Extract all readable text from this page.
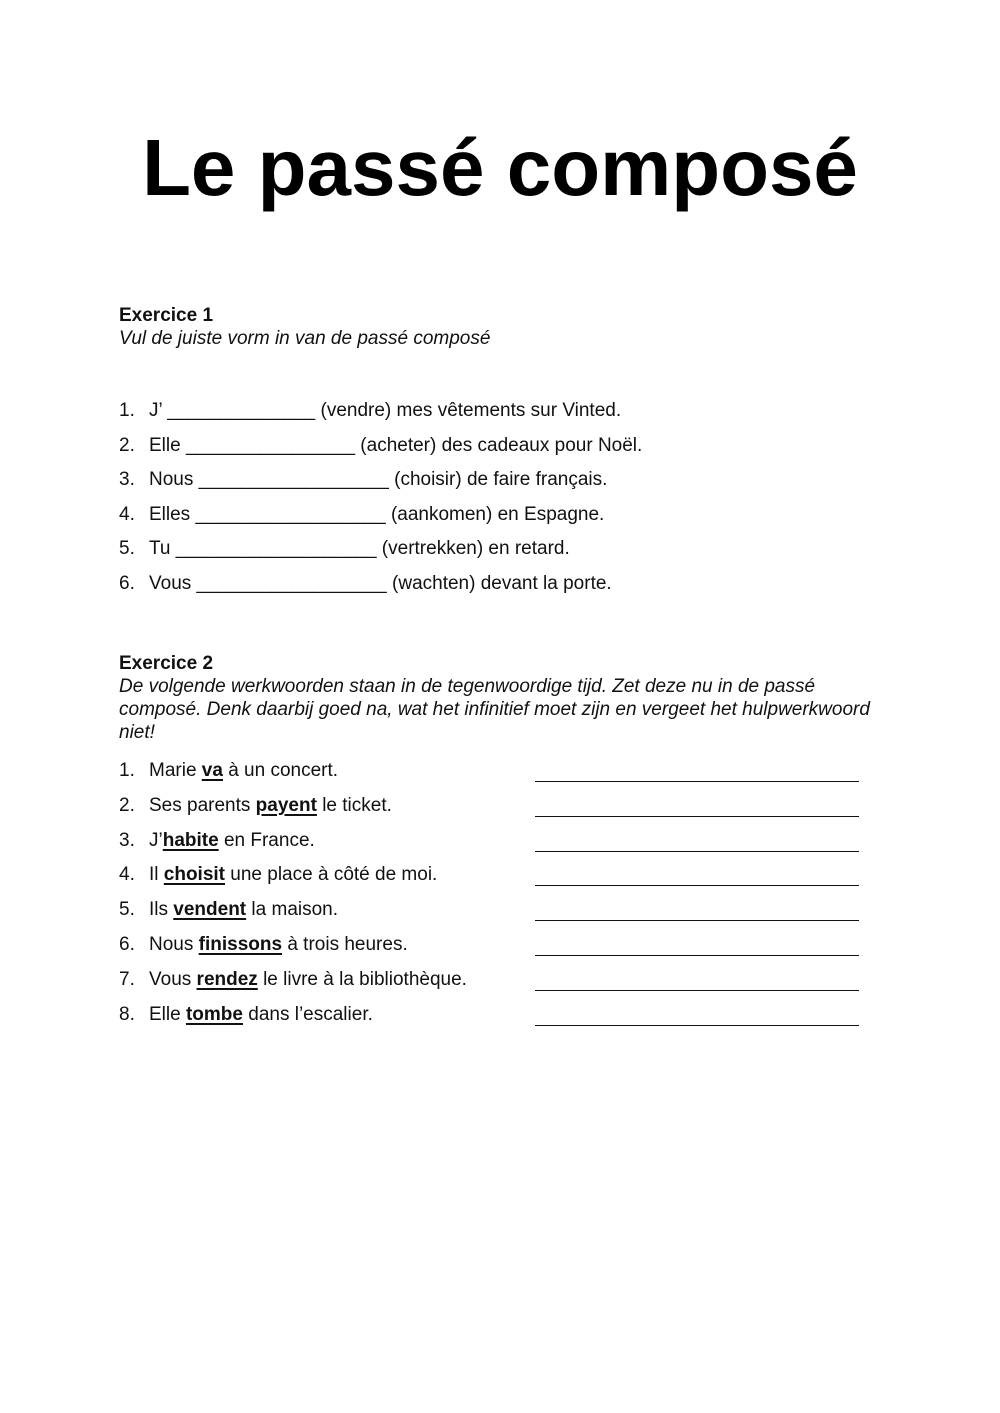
Le passé composé

Exercice 1

Vul de juiste vorm in van de passé composé

1. J’ ______________ (vendre) mes vêtements sur Vinted.
2. Elle ________________ (acheter) des cadeaux pour Noël.
3. Nous __________________ (choisir) de faire français.
4. Elles __________________ (aankomen) en Espagne.
5. Tu ___________________ (vertrekken) en retard.
6. Vous __________________ (wachten) devant la porte.

Exercice 2

De volgende werkwoorden staan in de tegenwoordige tijd. Zet deze nu in de passé composé. Denk daarbij goed na, wat het infinitief moet zijn en vergeet het hulpwerkwoord niet!

1. Marie va à un concert.
2. Ses parents payent le ticket.
3. J’habite en France.
4. Il choisit une place à côté de moi.
5. Ils vendent la maison.
6. Nous finissons à trois heures.
7. Vous rendez le livre à la bibliothèque.
8. Elle tombe dans l’escalier.
